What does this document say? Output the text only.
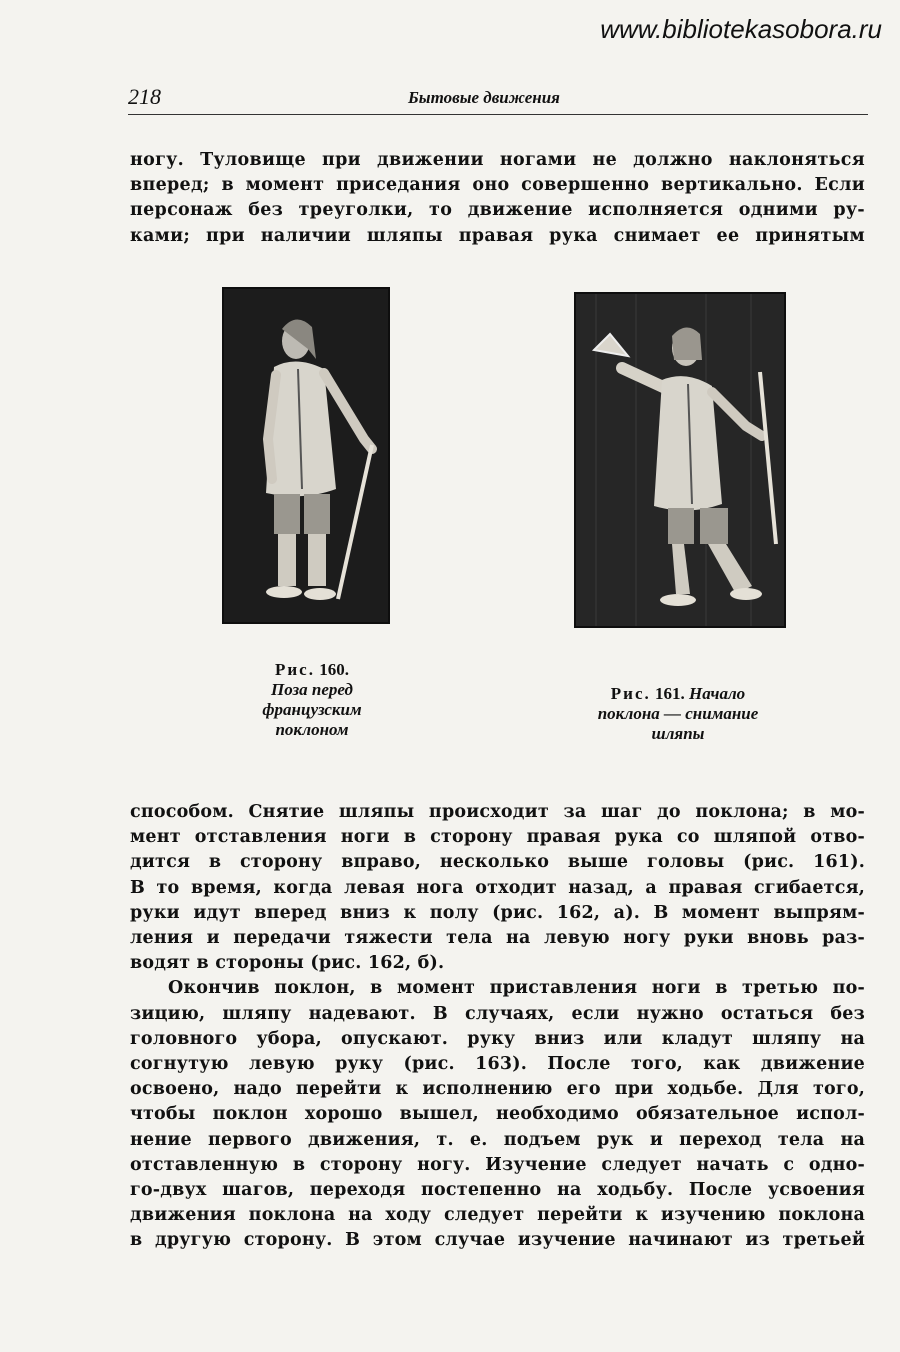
www.bibliotekasobora.ru
218	Бытовые движения
ногу. Туловище при движении ногами не должно наклоняться
вперед; в момент приседания оно совершенно вертикально. Если
персонаж без треуголки, то движение исполняется одними ру-
ками; при наличии шляпы правая рука снимает ее принятым
Рис. 160.
Поза перед
французским
поклоном
Рис. 161. Начало
поклона — снимание
шляпы
способом. Снятие шляпы происходит за шаг до поклона; в мо-
мент отставления ноги в сторону правая рука со шляпой отво-
дится в сторону вправо, несколько выше головы (рис. 161).
В то время, когда левая нога отходит назад, а правая сгибается,
руки идут вперед вниз к полу (рис. 162, а). В момент выпрям-
ления и передачи тяжести тела на левую ногу руки вновь раз-
водят в стороны (рис. 162, б).
Окончив поклон, в момент приставления ноги в третью по-
зицию, шляпу надевают. В случаях, если нужно остаться без
головного убора, опускают. руку вниз или кладут шляпу на
согнутую левую руку (рис. 163). После того, как движение
освоено, надо перейти к исполнению его при ходьбе. Для того,
чтобы поклон хорошо вышел, необходимо обязательное испол-
нение первого движения, т. е. подъем рук и переход тела на
отставленную в сторону ногу. Изучение следует начать с одно-
го-двух шагов, переходя постепенно на ходьбу. После усвоения
движения поклона на ходу следует перейти к изучению поклона
в другую сторону. В этом случае изучение начинают из третьей
